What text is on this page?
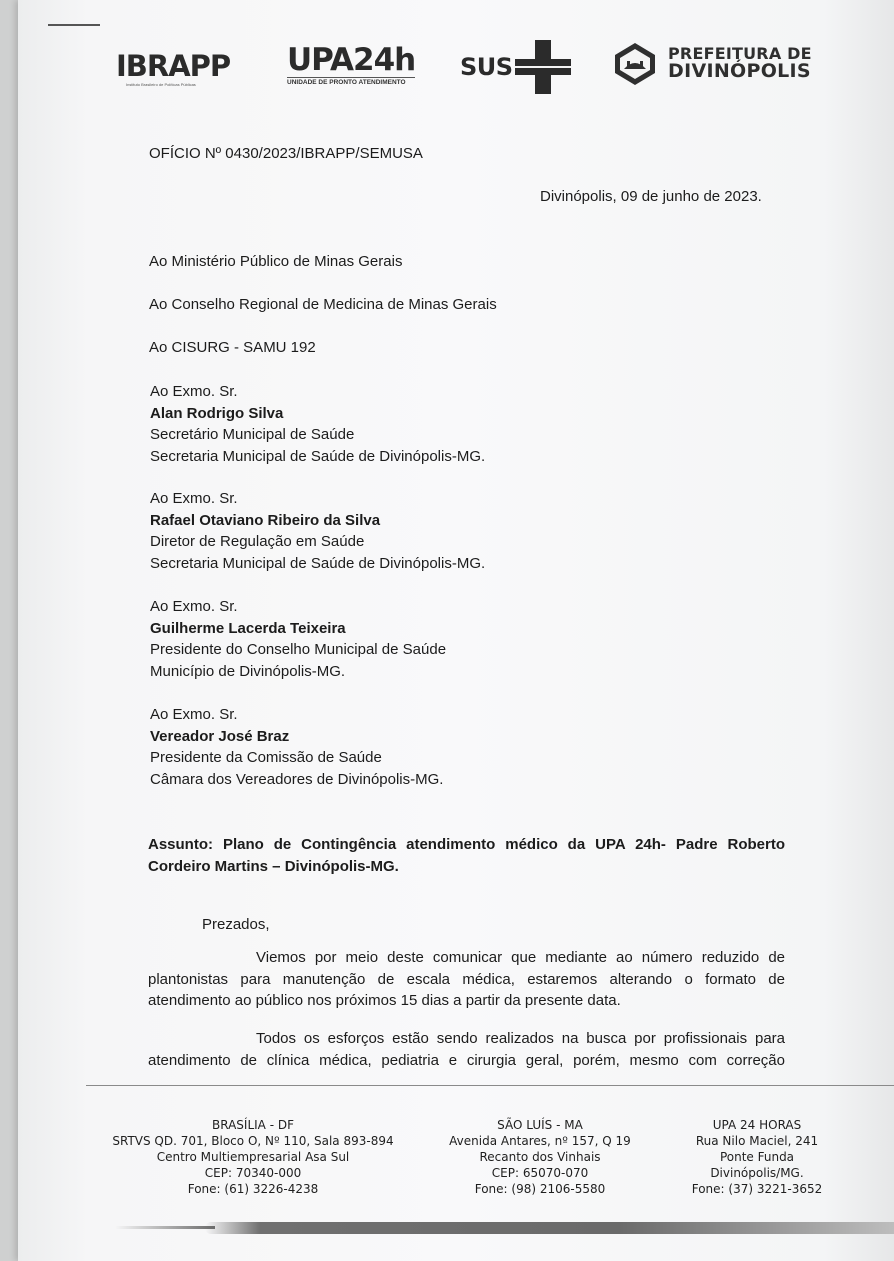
IBRAPP
Instituto Brasileiro de Políticas Públicas
UPA24h
UNIDADE DE PRONTO ATENDIMENTO
SUS	PREFEITURA DE
DIVINÓPOLIS
OFÍCIO Nº 0430/2023/IBRAPP/SEMUSA
Divinópolis, 09 de junho de 2023.
Ao Ministério Público de Minas Gerais
Ao Conselho Regional de Medicina de Minas Gerais
Ao CISURG - SAMU 192
Ao Exmo. Sr.
Alan Rodrigo Silva
Secretário Municipal de Saúde
Secretaria Municipal de Saúde de Divinópolis-MG.
Ao Exmo. Sr.
Rafael Otaviano Ribeiro da Silva
Diretor de Regulação em Saúde
Secretaria Municipal de Saúde de Divinópolis-MG.
Ao Exmo. Sr.
Guilherme Lacerda Teixeira
Presidente do Conselho Municipal de Saúde
Município de Divinópolis-MG.
Ao Exmo. Sr.
Vereador José Braz
Presidente da Comissão de Saúde
Câmara dos Vereadores de Divinópolis-MG.
Assunto: Plano de Contingência atendimento médico da UPA 24h- Padre Roberto
Cordeiro Martins – Divinópolis-MG.
Prezados,
Viemos por meio deste comunicar que mediante ao número reduzido de
plantonistas para manutenção de escala médica, estaremos alterando o formato de
atendimento ao público nos próximos 15 dias a partir da presente data.
Todos os esforços estão sendo realizados na busca por profissionais para
atendimento de clínica médica, pediatria e cirurgia geral, porém, mesmo com correção
BRASÍLIA - DF
SRTVS QD. 701, Bloco O, Nº 110, Sala 893-894
Centro Multiempresarial Asa Sul
CEP: 70340-000
Fone: (61) 3226-4238
SÃO LUÍS - MA
Avenida Antares, nº 157, Q 19
Recanto dos Vinhais
CEP: 65070-070
Fone: (98) 2106-5580
UPA 24 HORAS
Rua Nilo Maciel, 241
Ponte Funda
Divinópolis/MG.
Fone: (37) 3221-3652
